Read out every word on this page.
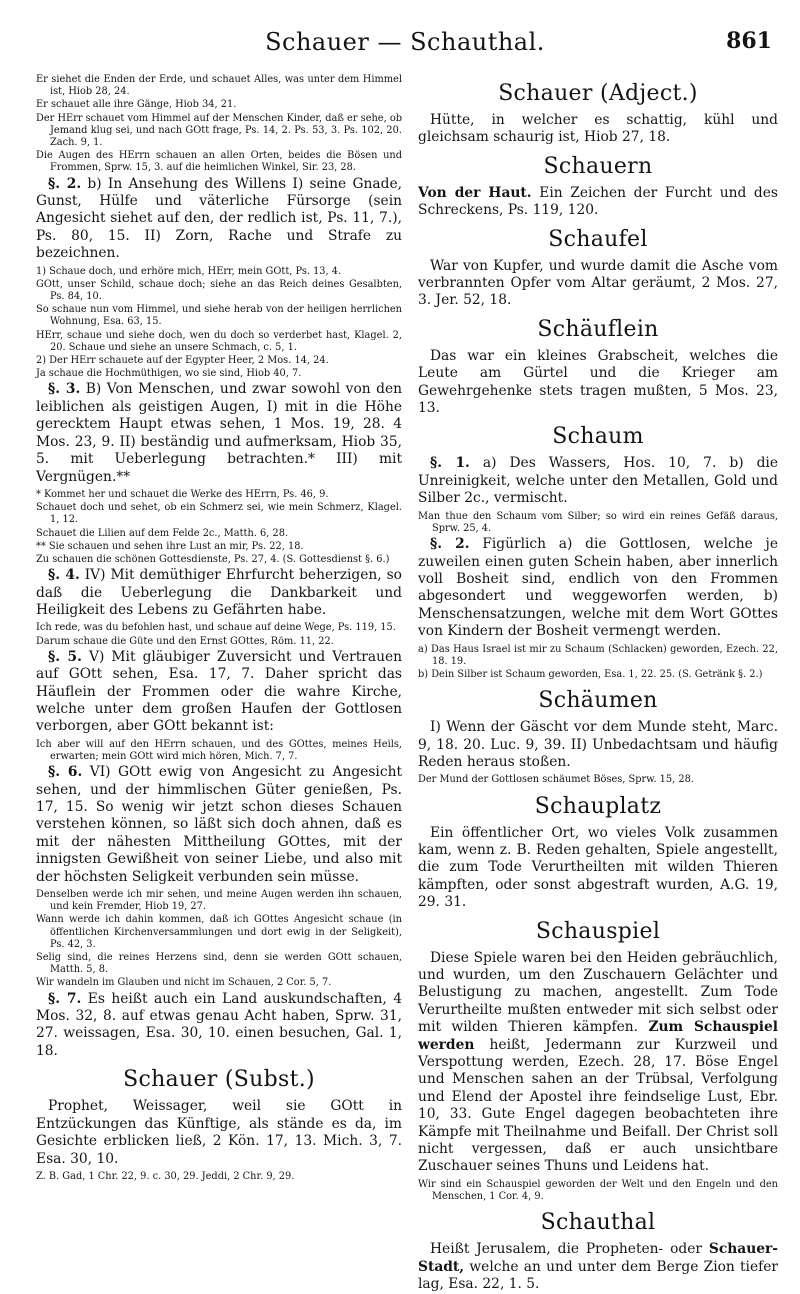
Schauer — Schauthal.	861

Er siehet die Enden der Erde, und schauet Alles, was unter dem Himmel ist, Hiob 28, 24.

Er schauet alle ihre Gänge, Hiob 34, 21.

Der HErr schauet vom Himmel auf der Menschen Kinder, daß er sehe, ob Jemand klug sei, und nach GOtt frage, Ps. 14, 2. Ps. 53, 3. Ps. 102, 20. Zach. 9, 1.

Die Augen des HErrn schauen an allen Orten, beides die Bösen und Frommen, Sprw. 15, 3. auf die heimlichen Winkel, Sir. 23, 28.

§. 2. b) In Ansehung des Willens I) seine Gnade, Gunst, Hülfe und väterliche Fürsorge (sein Angesicht siehet auf den, der redlich ist, Ps. 11, 7.), Ps. 80, 15. II) Zorn, Rache und Strafe zu bezeichnen.

1) Schaue doch, und erhöre mich, HErr, mein GOtt, Ps. 13, 4.

GOtt, unser Schild, schaue doch; siehe an das Reich deines Gesalbten, Ps. 84, 10.

So schaue nun vom Himmel, und siehe herab von der heiligen herrlichen Wohnung, Esa. 63, 15.

HErr, schaue und siehe doch, wen du doch so verderbet hast, Klagel. 2, 20. Schaue und siehe an unsere Schmach, c. 5, 1.

2) Der HErr schauete auf der Egypter Heer, 2 Mos. 14, 24.

Ja schaue die Hochmüthigen, wo sie sind, Hiob 40, 7.

§. 3. B) Von Menschen, und zwar sowohl von den leiblichen als geistigen Augen, I) mit in die Höhe gerecktem Haupt etwas sehen, 1 Mos. 19, 28. 4 Mos. 23, 9. II) beständig und aufmerksam, Hiob 35, 5. mit Ueberlegung betrachten.* III) mit Vergnügen.**

* Kommet her und schauet die Werke des HErrn, Ps. 46, 9.

Schauet doch und sehet, ob ein Schmerz sei, wie mein Schmerz, Klagel. 1, 12.

Schauet die Lilien auf dem Felde 2c., Matth. 6, 28.

** Sie schauen und sehen ihre Lust an mir, Ps. 22, 18.

Zu schauen die schönen Gottesdienste, Ps. 27, 4. (S. Gottesdienst §. 6.)

§. 4. IV) Mit demüthiger Ehrfurcht beherzigen, so daß die Ueberlegung die Dankbarkeit und Heiligkeit des Lebens zu Gefährten habe.

Ich rede, was du befohlen hast, und schaue auf deine Wege, Ps. 119, 15.

Darum schaue die Güte und den Ernst GOttes, Röm. 11, 22.

§. 5. V) Mit gläubiger Zuversicht und Vertrauen auf GOtt sehen, Esa. 17, 7. Daher spricht das Häuflein der Frommen oder die wahre Kirche, welche unter dem großen Haufen der Gottlosen verborgen, aber GOtt bekannt ist:

Ich aber will auf den HErrn schauen, und des GOttes, meines Heils, erwarten; mein GOtt wird mich hören, Mich. 7, 7.

§. 6. VI) GOtt ewig von Angesicht zu Angesicht sehen, und der himmlischen Güter genießen, Ps. 17, 15. So wenig wir jetzt schon dieses Schauen verstehen können, so läßt sich doch ahnen, daß es mit der nähesten Mittheilung GOttes, mit der innigsten Gewißheit von seiner Liebe, und also mit der höchsten Seligkeit verbunden sein müsse.

Denselben werde ich mir sehen, und meine Augen werden ihn schauen, und kein Fremder, Hiob 19, 27.

Wann werde ich dahin kommen, daß ich GOttes Angesicht schaue (in öffentlichen Kirchenversammlungen und dort ewig in der Seligkeit), Ps. 42, 3.

Selig sind, die reines Herzens sind, denn sie werden GOtt schauen, Matth. 5, 8.

Wir wandeln im Glauben und nicht im Schauen, 2 Cor. 5, 7.

§. 7. Es heißt auch ein Land auskundschaften, 4 Mos. 32, 8. auf etwas genau Acht haben, Sprw. 31, 27. weissagen, Esa. 30, 10. einen besuchen, Gal. 1, 18.

Schauer (Subst.)

Prophet, Weissager, weil sie GOtt in Entzückungen das Künftige, als stände es da, im Gesichte erblicken ließ, 2 Kön. 17, 13. Mich. 3, 7. Esa. 30, 10.

Z. B. Gad, 1 Chr. 22, 9. c. 30, 29. Jeddi, 2 Chr. 9, 29.

Schauer (Adject.)

Hütte, in welcher es schattig, kühl und gleichsam schaurig ist, Hiob 27, 18.

Schauern

Von der Haut. Ein Zeichen der Furcht und des Schreckens, Ps. 119, 120.

Schaufel

War von Kupfer, und wurde damit die Asche vom verbrannten Opfer vom Altar geräumt, 2 Mos. 27, 3. Jer. 52, 18.

Schäuflein

Das war ein kleines Grabscheit, welches die Leute am Gürtel und die Krieger am Gewehrgehenke stets tragen mußten, 5 Mos. 23, 13.

Schaum

§. 1. a) Des Wassers, Hos. 10, 7. b) die Unreinigkeit, welche unter den Metallen, Gold und Silber 2c., vermischt.

Man thue den Schaum vom Silber; so wird ein reines Gefäß daraus, Sprw. 25, 4.

§. 2. Figürlich a) die Gottlosen, welche je zuweilen einen guten Schein haben, aber innerlich voll Bosheit sind, endlich von den Frommen abgesondert und weggeworfen werden, b) Menschensatzungen, welche mit dem Wort GOttes von Kindern der Bosheit vermengt werden.

a) Das Haus Israel ist mir zu Schaum (Schlacken) geworden, Ezech. 22, 18. 19.

b) Dein Silber ist Schaum geworden, Esa. 1, 22. 25. (S. Getränk §. 2.)

Schäumen

I) Wenn der Gäscht vor dem Munde steht, Marc. 9, 18. 20. Luc. 9, 39. II) Unbedachtsam und häufig Reden heraus stoßen.

Der Mund der Gottlosen schäumet Böses, Sprw. 15, 28.

Schauplatz

Ein öffentlicher Ort, wo vieles Volk zusammen kam, wenn z. B. Reden gehalten, Spiele angestellt, die zum Tode Verurtheilten mit wilden Thieren kämpften, oder sonst abgestraft wurden, A.G. 19, 29. 31.

Schauspiel

Diese Spiele waren bei den Heiden gebräuchlich, und wurden, um den Zuschauern Gelächter und Belustigung zu machen, angestellt. Zum Tode Verurtheilte mußten entweder mit sich selbst oder mit wilden Thieren kämpfen. Zum Schauspiel werden heißt, Jedermann zur Kurzweil und Verspottung werden, Ezech. 28, 17. Böse Engel und Menschen sahen an der Trübsal, Verfolgung und Elend der Apostel ihre feindselige Lust, Ebr. 10, 33. Gute Engel dagegen beobachteten ihre Kämpfe mit Theilnahme und Beifall. Der Christ soll nicht vergessen, daß er auch unsichtbare Zuschauer seines Thuns und Leidens hat.

Wir sind ein Schauspiel geworden der Welt und den Engeln und den Menschen, 1 Cor. 4, 9.

Schauthal

Heißt Jerusalem, die Propheten- oder Schauer-Stadt, welche an und unter dem Berge Zion tiefer lag, Esa. 22, 1. 5.
